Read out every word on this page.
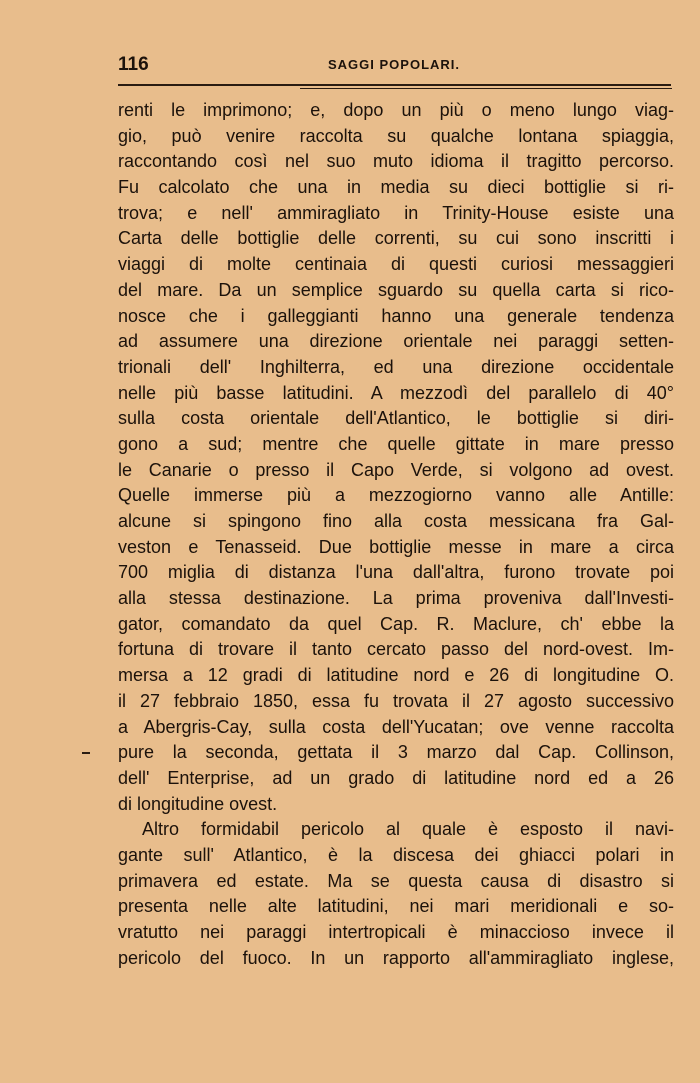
116	SAGGI POPOLARI.
renti le imprimono; e, dopo un più o meno lungo viag-
gio, può venire raccolta su qualche lontana spiaggia,
raccontando così nel suo muto idioma il tragitto percorso.
Fu calcolato che una in media su dieci bottiglie si ri-
trova; e nell' ammiragliato in Trinity-House esiste una
Carta delle bottiglie delle correnti, su cui sono inscritti i
viaggi di molte centinaia di questi curiosi messaggieri
del mare. Da un semplice sguardo su quella carta si rico-
nosce che i galleggianti hanno una generale tendenza
ad assumere una direzione orientale nei paraggi setten-
trionali dell' Inghilterra, ed una direzione occidentale
nelle più basse latitudini. A mezzodì del parallelo di 40°
sulla costa orientale dell'Atlantico, le bottiglie si diri-
gono a sud; mentre che quelle gittate in mare presso
le Canarie o presso il Capo Verde, si volgono ad ovest.
Quelle immerse più a mezzogiorno vanno alle Antille:
alcune si spingono fino alla costa messicana fra Gal-
veston e Tenasseid. Due bottiglie messe in mare a circa
700 miglia di distanza l'una dall'altra, furono trovate poi
alla stessa destinazione. La prima proveniva dall'Investi-
gator, comandato da quel Cap. R. Maclure, ch' ebbe la
fortuna di trovare il tanto cercato passo del nord-ovest. Im-
mersa a 12 gradi di latitudine nord e 26 di longitudine O.
il 27 febbraio 1850, essa fu trovata il 27 agosto successivo
a Abergris-Cay, sulla costa dell'Yucatan; ove venne raccolta
pure la seconda, gettata il 3 marzo dal Cap. Collinson,
dell' Enterprise, ad un grado di latitudine nord ed a 26
di longitudine ovest.
Altro formidabil pericolo al quale è esposto il navi-
gante sull' Atlantico, è la discesa dei ghiacci polari in
primavera ed estate. Ma se questa causa di disastro si
presenta nelle alte latitudini, nei mari meridionali e so-
vratutto nei paraggi intertropicali è minaccioso invece il
pericolo del fuoco. In un rapporto all'ammiragliato inglese,
